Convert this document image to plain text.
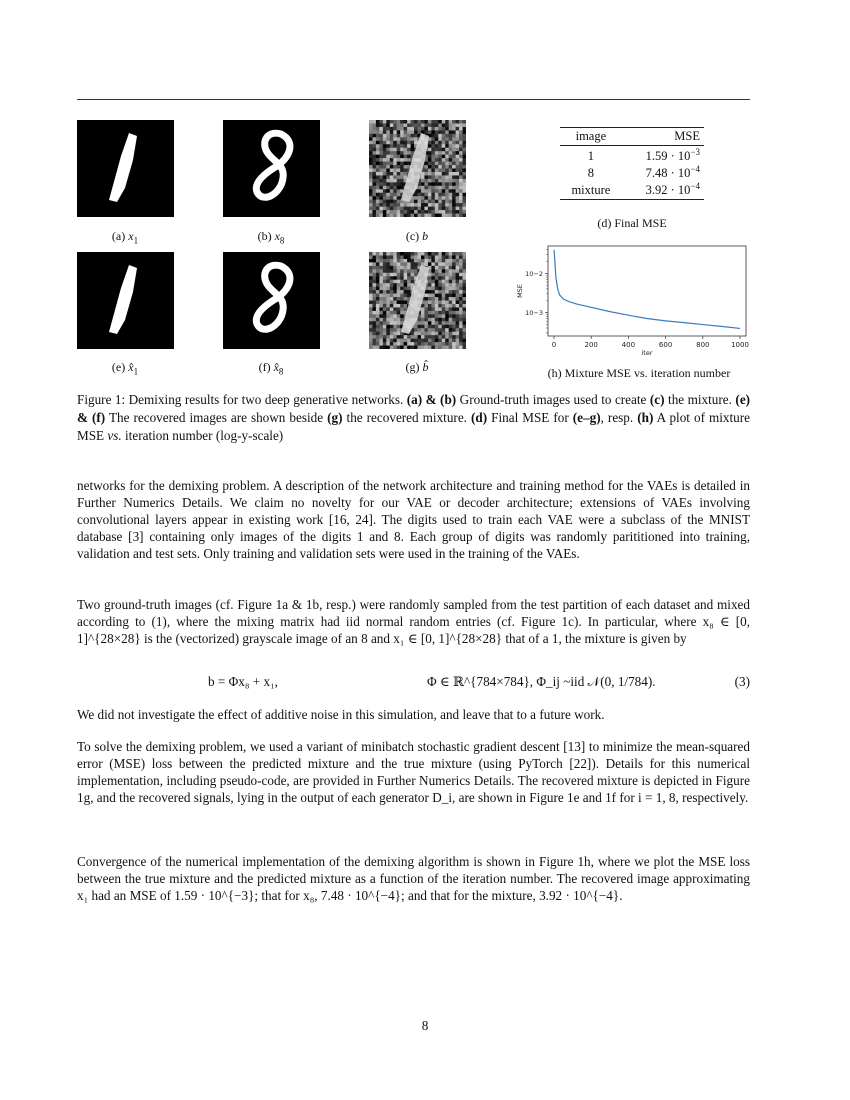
(a) $x_1$	(b) $x_8$	(c) b
(e) $x̂_1$	(f) $x̂_8$	(g) b̂
image	MSE
1	$1.59 \cdot 10^{-3}$
8	$7.48 \cdot 10^{-4}$
mixture	$3.92 \cdot 10^{-4}$
(d) Final MSE
0	200	400	600	800	1000
10−2
10−3
iter
MSE
(h) Mixture MSE vs. iteration number
Figure 1: Demixing results for two deep generative networks. (a) & (b) Ground-truth images used to create (c) the mixture. (e) & (f) The recovered images are shown beside (g) the recovered mixture. (d) Final MSE for (e–g), resp. (h) A plot of mixture MSE vs. iteration number (log-y-scale)
networks for the demixing problem. A description of the network architecture and training method for the VAEs is detailed in Further Numerics Details. We claim no novelty for our VAE or decoder architecture; extensions of VAEs involving convolutional layers appear in existing work [16, 24]. The digits used to train each VAE were a subclass of the MNIST database [3] containing only images of the digits 1 and 8. Each group of digits was randomly parititioned into training, validation and test sets. Only training and validation sets were used in the training of the VAEs.
Two ground-truth images (cf. Figure 1a & 1b, resp.) were randomly sampled from the test partition of each dataset and mixed according to (1), where the mixing matrix had iid normal random entries (cf. Figure 1c). In particular, where x₈ ∈ [0, 1]^{28×28} is the (vectorized) grayscale image of an 8 and x₁ ∈ [0, 1]^{28×28} that of a 1, the mixture is given by
b = Φx₈ + x₁,	Φ ∈ ℝ^{784×784}, Φ_ij ~iid 𝒩(0, 1/784).	(3)
We did not investigate the effect of additive noise in this simulation, and leave that to a future work.
To solve the demixing problem, we used a variant of minibatch stochastic gradient descent [13] to minimize the mean-squared error (MSE) loss between the predicted mixture and the true mixture (using PyTorch [22]). Details for this numerical implementation, including pseudo-code, are provided in Further Numerics Details. The recovered mixture is depicted in Figure 1g, and the recovered signals, lying in the output of each generator D_i, are shown in Figure 1e and 1f for i = 1, 8, respectively.
Convergence of the numerical implementation of the demixing algorithm is shown in Figure 1h, where we plot the MSE loss between the true mixture and the predicted mixture as a function of the iteration number. The recovered image approximating x₁ had an MSE of 1.59 · 10^{−3}; that for x₈, 7.48 · 10^{−4}; and that for the mixture, 3.92 · 10^{−4}.
8
